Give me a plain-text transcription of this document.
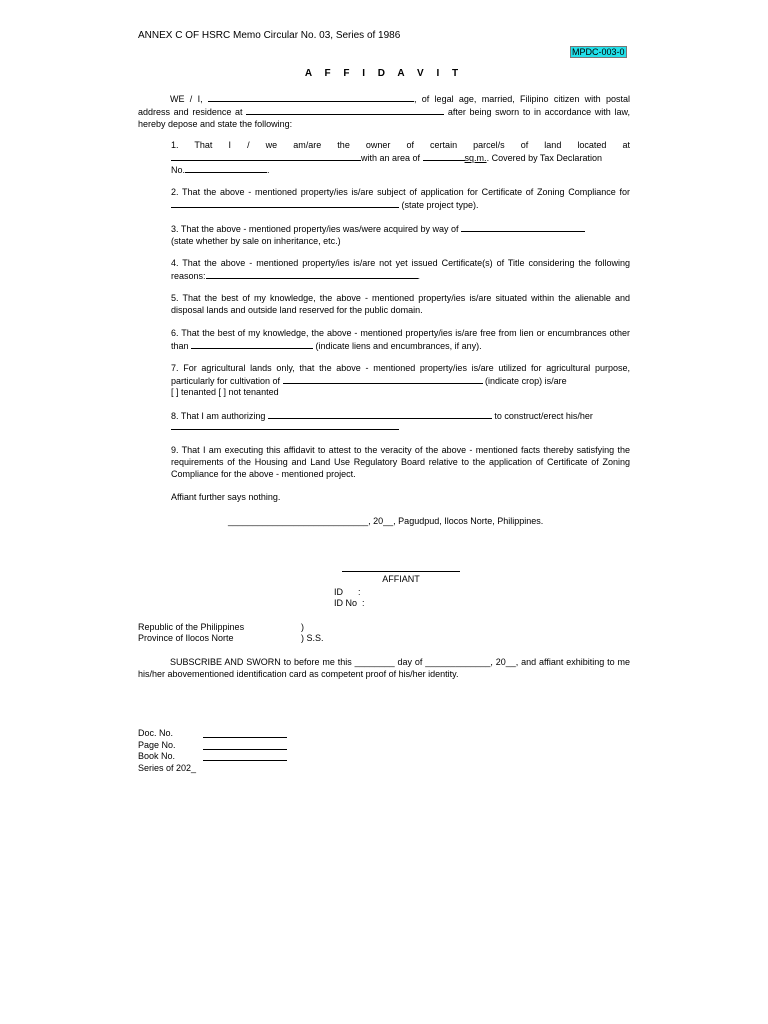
ANNEX C OF HSRC Memo Circular No. 03, Series of 1986
MPDC-003-0
A F F I D A V I T
WE / I,	, of legal age, married, Filipino citizen with postal address and residence at	after being sworn to in accordance with law, hereby depose and state the following:
1. That I / we am/are the owner of certain parcel/s of land located at
with an area of	sq.m.. Covered by Tax Declaration
No.	.
2. That the above - mentioned property/ies is/are subject of application for Certificate of Zoning Compliance for  (state project type).
3. That the above - mentioned property/ies was/were acquired by way of
(state whether by sale on inheritance, etc.)
4. That the above - mentioned property/ies is/are not yet issued Certificate(s) of Title considering the following reasons:	.
5. That the best of my knowledge, the above - mentioned property/ies is/are situated within the alienable and disposal lands and outside land reserved for the public domain.
6. That the best of my knowledge, the above - mentioned property/ies is/are free from lien or encumbrances other than	(indicate liens and encumbrances, if any).
7. For agricultural lands only, that the above - mentioned property/ies is/are utilized for agricultural purpose, particularly for cultivation of	(indicate crop) is/are
[ ] tenanted [ ] not tenanted
8. That I am authorizing	to construct/erect his/her
9. That I am executing this affidavit to attest to the veracity of the above - mentioned facts thereby satisfying the requirements of the Housing and Land Use Regulatory Board relative to the application of Certificate of Zoning Compliance for the above - mentioned project.
Affiant further says nothing.
____________________________, 20__, Pagudpud, Ilocos Norte, Philippines.
AFFIANT
ID      :
ID No  :
Republic of the Philippines	)
Province of Ilocos Norte	) S.S.
SUBSCRIBE AND SWORN to before me this ________ day of _____________, 20__, and affiant exhibiting to me his/her abovementioned identification card as competent proof of his/her identity.
Doc. No.
Page No.
Book No.
Series of 202_
